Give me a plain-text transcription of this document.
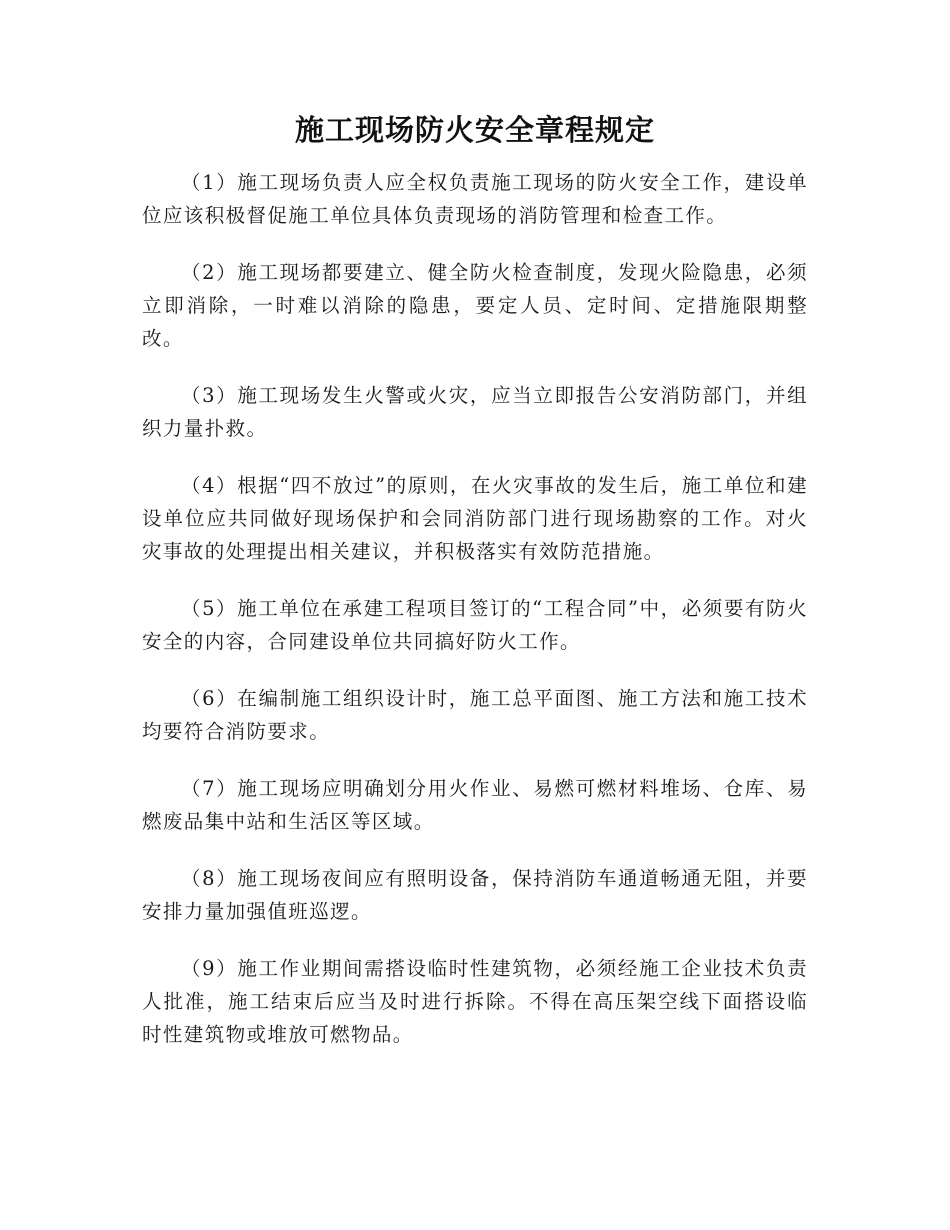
施工现场防火安全章程规定

（1）施工现场负责人应全权负责施工现场的防火安全工作，建设单位应该积极督促施工单位具体负责现场的消防管理和检查工作。

（2）施工现场都要建立、健全防火检查制度，发现火险隐患，必须立即消除，一时难以消除的隐患，要定人员、定时间、定措施限期整改。

（3）施工现场发生火警或火灾，应当立即报告公安消防部门，并组织力量扑救。

（4）根据“四不放过”的原则，在火灾事故的发生后，施工单位和建设单位应共同做好现场保护和会同消防部门进行现场勘察的工作。对火灾事故的处理提出相关建议，并积极落实有效防范措施。

（5）施工单位在承建工程项目签订的“工程合同”中，必须要有防火安全的内容，合同建设单位共同搞好防火工作。

（6）在编制施工组织设计时，施工总平面图、施工方法和施工技术均要符合消防要求。

（7）施工现场应明确划分用火作业、易燃可燃材料堆场、仓库、易燃废品集中站和生活区等区域。

（8）施工现场夜间应有照明设备，保持消防车通道畅通无阻，并要安排力量加强值班巡逻。

（9）施工作业期间需搭设临时性建筑物，必须经施工企业技术负责人批准，施工结束后应当及时进行拆除。不得在高压架空线下面搭设临时性建筑物或堆放可燃物品。
